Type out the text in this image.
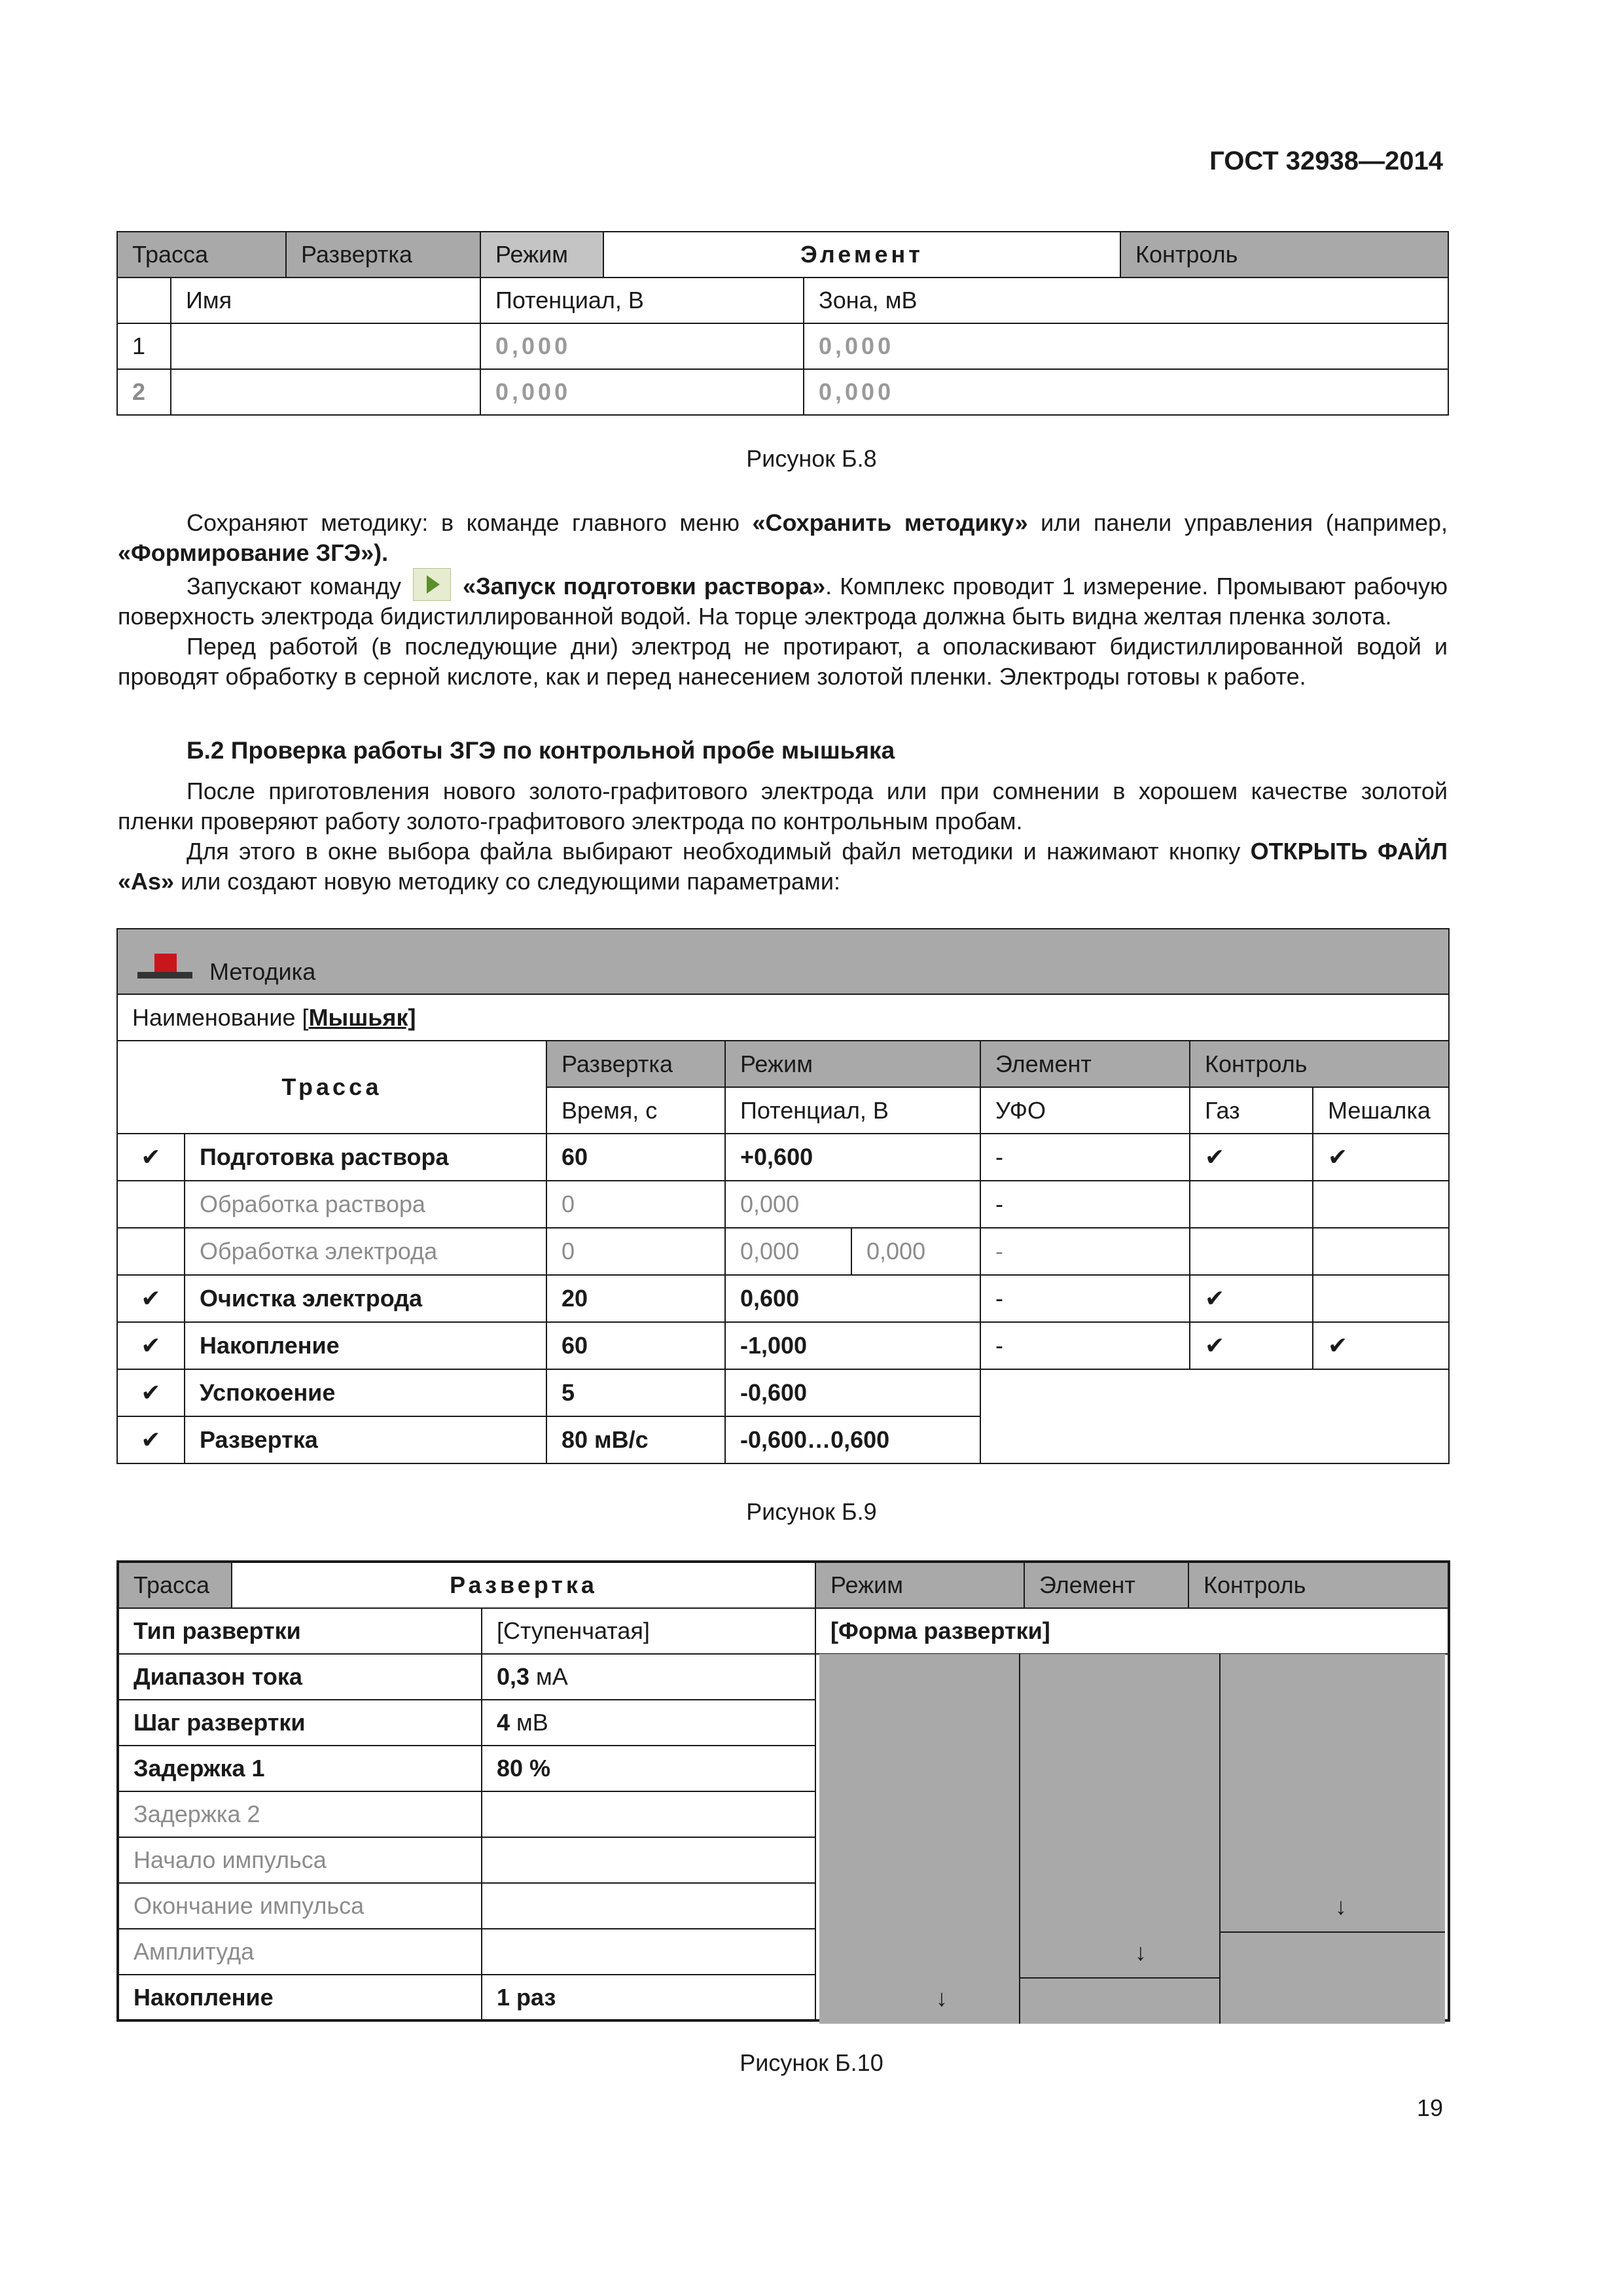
ГОСТ 32938—2014
Трасса		Развертка	Режим	Элемент		Контроль
	Имя		Потенциал, В		Зона, мВ	
1			0,000		0,000	
2			0,000		0,000	
Рисунок Б.8

Сохраняют методику: в команде главного меню «Сохранить методику» или панели управления (например, «Формирование ЗГЭ»).

Запускают команду  «Запуск подготовки раствора». Комплекс проводит 1 измерение. Промывают рабочую поверхность электрода бидистиллированной водой. На торце электрода должна быть видна желтая пленка золота.

Перед работой (в последующие дни) электрод не протирают, а ополаскивают бидистиллированной водой и проводят обработку в серной кислоте, как и перед нанесением золотой пленки. Электроды готовы к работе.

Б.2 Проверка работы ЗГЭ по контрольной пробе мышьяка

После приготовления нового золото-графитового электрода или при сомнении в хорошем качестве золотой пленки проверяют работу золото-графитового электрода по контрольным пробам.

Для этого в окне выбора файла выбирают необходимый файл методики и нажимают кнопку ОТКРЫТЬ ФАЙЛ «As» или создают новую методику со следующими параметрами:

Методика							
Наименование [Мышьяк]							
Трасса		Развертка	Режим		Элемент	Контроль	
		Время, с	Потенциал, В		УФО	Газ	Мешалка
✔	Подготовка раствора	60	+0,600		-	✔	✔
	Обработка раствора	0	0,000		-		
	Обработка электрода	0	0,000	0,000	-		
✔	Очистка электрода	20	0,600		-	✔	
✔	Накопление	60	-1,000		-	✔	✔
✔	Успокоение	5	-0,600				
✔	Развертка	80 мВ/с	-0,600…0,600				
Рисунок Б.9
Трасса	Развертка		Режим	Элемент	Контроль
Тип развертки		[Ступенчатая]	[Форма развертки]		
Диапазон тока		0,3 мА			
Шаг развертки		4 мВ			
Задержка 1		80 %			
Задержка 2					
Начало импульса					
Окончание импульса					
Амплитуда					
Накопление		1 раз				↓
↓
↓
Рисунок Б.10
19
